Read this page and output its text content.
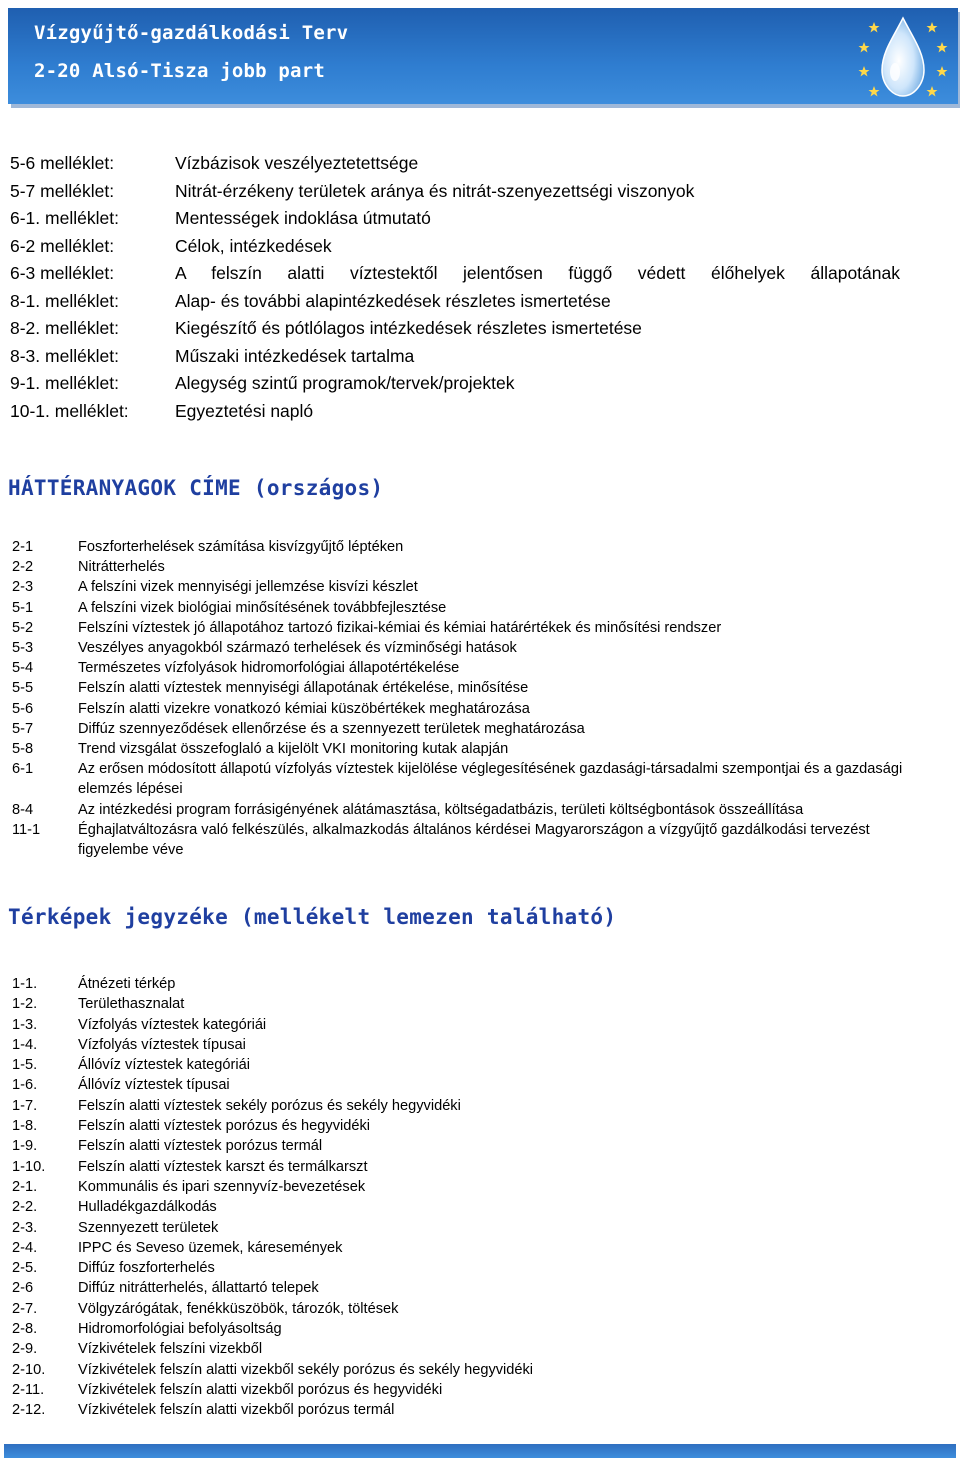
Vízgyűjtő-gazdálkodási Terv
2-20 Alsó-Tisza jobb part
5-6 melléklet:	Vízbázisok veszélyeztetettsége
5-7 melléklet:	Nitrát-érzékeny területek aránya és nitrát-szenyezettségi viszonyok
6-1. melléklet:	Mentességek indoklása útmutató
6-2 melléklet:	Célok, intézkedések
6-3 melléklet:	A felszín alatti víztestektől jelentősen függő védett élőhelyek állapotának
8-1. melléklet:	Alap- és további alapintézkedések részletes ismertetése
8-2. melléklet:	Kiegészítő és pótlólagos intézkedések részletes ismertetése
8-3. melléklet:	Műszaki intézkedések tartalma
9-1. melléklet:	Alegység szintű programok/tervek/projektek
10-1. melléklet:	Egyeztetési napló
HÁTTÉRANYAGOK CÍME (országos)
2-1	Foszforterhelések számítása kisvízgyűjtő léptéken
2-2	Nitrátterhelés
2-3	A felszíni vizek mennyiségi jellemzése kisvízi készlet
5-1	A felszíni vizek biológiai minősítésének továbbfejlesztése
5-2	Felszíni víztestek jó állapotához tartozó fizikai-kémiai és kémiai határértékek és minősítési rendszer
5-3	Veszélyes anyagokból származó terhelések és vízminőségi hatások
5-4	Természetes vízfolyások hidromorfológiai állapotértékelése
5-5	Felszín alatti víztestek mennyiségi állapotának értékelése, minősítése
5-6	Felszín alatti vizekre vonatkozó kémiai küszöbértékek meghatározása
5-7	Diffúz szennyeződések ellenőrzése és a szennyezett területek meghatározása
5-8	Trend vizsgálat összefoglaló a kijelölt VKI monitoring kutak alapján
6-1	Az erősen módosított állapotú vízfolyás víztestek kijelölése véglegesítésének gazdasági-társadalmi szempontjai és a gazdasági elemzés lépései
8-4	Az intézkedési program forrásigényének alátámasztása, költségadatbázis, területi költségbontások összeállítása
11-1	Éghajlatváltozásra való felkészülés, alkalmazkodás általános kérdései Magyarországon a vízgyűjtő gazdálkodási tervezést figyelembe véve
Térképek jegyzéke (mellékelt lemezen található)
1-1.	Átnézeti térkép
1-2.	Területhasznalat
1-3.	Vízfolyás víztestek kategóriái
1-4.	Vízfolyás víztestek típusai
1-5.	Állóvíz víztestek kategóriái
1-6.	Állóvíz víztestek típusai
1-7.	Felszín alatti víztestek sekély porózus és sekély hegyvidéki
1-8.	Felszín alatti víztestek porózus és hegyvidéki
1-9.	Felszín alatti víztestek porózus termál
1-10. Felszín alatti víztestek karszt és termálkarszt
2-1.	Kommunális és ipari szennyvíz-bevezetések
2-2.	Hulladékgazdálkodás
2-3.	Szennyezett területek
2-4.	IPPC és Seveso üzemek, káresemények
2-5.	Diffúz foszforterhelés
2-6	Diffúz nitrátterhelés, állattartó telepek
2-7.	Völgyzárógátak, fenékküszöbök, tározók, töltések
2-8.	Hidromorfológiai befolyásoltság
2-9.	Vízkivételek felszíni vizekből
2-10. Vízkivételek felszín alatti vizekből sekély porózus és sekély hegyvidéki
2-11. Vízkivételek felszín alatti vizekből porózus és hegyvidéki
2-12. Vízkivételek felszín alatti vizekből porózus termál
